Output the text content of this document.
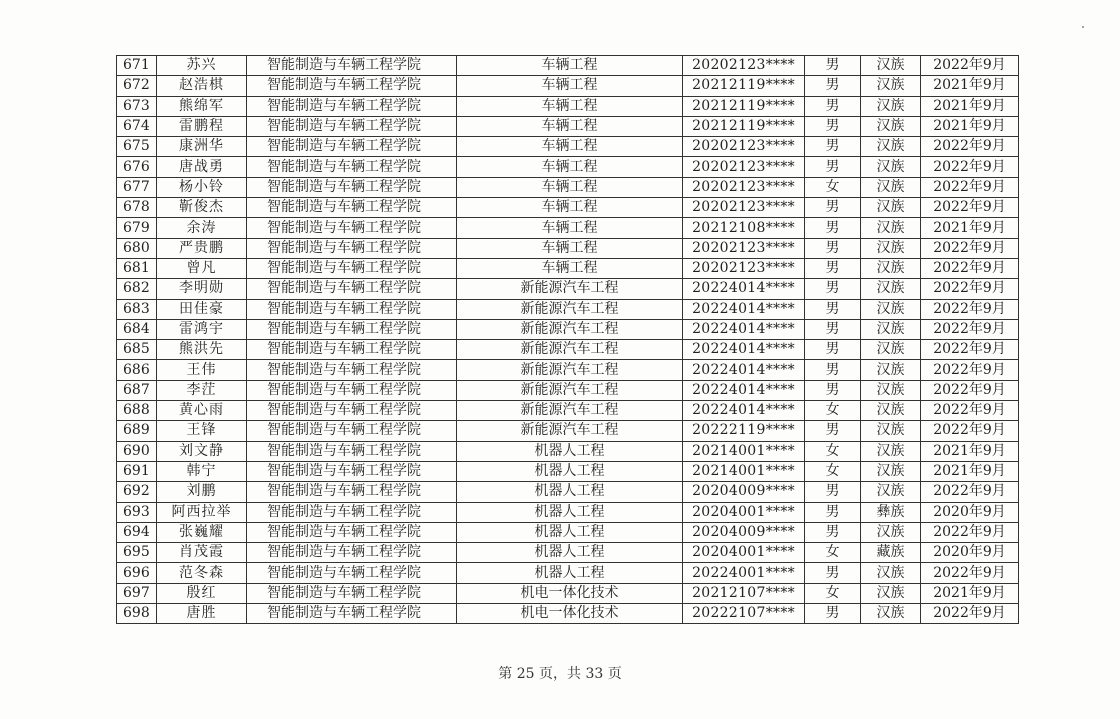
671	苏兴	智能制造与车辆工程学院	车辆工程	20202123****	男	汉族	2022年9月
672	赵浩棋	智能制造与车辆工程学院	车辆工程	20212119****	男	汉族	2021年9月
673	熊绵军	智能制造与车辆工程学院	车辆工程	20212119****	男	汉族	2021年9月
674	雷鹏程	智能制造与车辆工程学院	车辆工程	20212119****	男	汉族	2021年9月
675	康洲华	智能制造与车辆工程学院	车辆工程	20202123****	男	汉族	2022年9月
676	唐战勇	智能制造与车辆工程学院	车辆工程	20202123****	男	汉族	2022年9月
677	杨小铃	智能制造与车辆工程学院	车辆工程	20202123****	女	汉族	2022年9月
678	靳俊杰	智能制造与车辆工程学院	车辆工程	20202123****	男	汉族	2022年9月
679	余涛	智能制造与车辆工程学院	车辆工程	20212108****	男	汉族	2021年9月
680	严贵鹏	智能制造与车辆工程学院	车辆工程	20202123****	男	汉族	2022年9月
681	曾凡	智能制造与车辆工程学院	车辆工程	20202123****	男	汉族	2022年9月
682	李明勋	智能制造与车辆工程学院	新能源汽车工程	20224014****	男	汉族	2022年9月
683	田佳豪	智能制造与车辆工程学院	新能源汽车工程	20224014****	男	汉族	2022年9月
684	雷鸿宇	智能制造与车辆工程学院	新能源汽车工程	20224014****	男	汉族	2022年9月
685	熊洪先	智能制造与车辆工程学院	新能源汽车工程	20224014****	男	汉族	2022年9月
686	王伟	智能制造与车辆工程学院	新能源汽车工程	20224014****	男	汉族	2022年9月
687	李茳	智能制造与车辆工程学院	新能源汽车工程	20224014****	男	汉族	2022年9月
688	黄心雨	智能制造与车辆工程学院	新能源汽车工程	20224014****	女	汉族	2022年9月
689	王锋	智能制造与车辆工程学院	新能源汽车工程	20222119****	男	汉族	2022年9月
690	刘文静	智能制造与车辆工程学院	机器人工程	20214001****	女	汉族	2021年9月
691	韩宁	智能制造与车辆工程学院	机器人工程	20214001****	女	汉族	2021年9月
692	刘鹏	智能制造与车辆工程学院	机器人工程	20204009****	男	汉族	2022年9月
693	阿西拉举	智能制造与车辆工程学院	机器人工程	20204001****	男	彝族	2020年9月
694	张巍耀	智能制造与车辆工程学院	机器人工程	20204009****	男	汉族	2022年9月
695	肖茂霞	智能制造与车辆工程学院	机器人工程	20204001****	女	藏族	2020年9月
696	范冬森	智能制造与车辆工程学院	机器人工程	20224001****	男	汉族	2022年9月
697	殷红	智能制造与车辆工程学院	机电一体化技术	20212107****	女	汉族	2021年9月
698	唐胜	智能制造与车辆工程学院	机电一体化技术	20222107****	男	汉族	2022年9月
第 25 页，共 33 页
